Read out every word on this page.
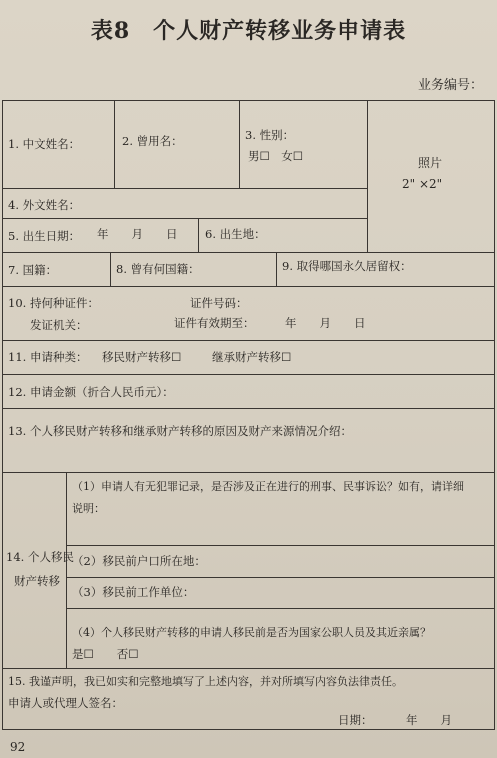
表8　个人财产转移业务申请表
业务编号：
1. 中文姓名：	2. 曾用名：	3. 性别：
男☐　女☐	照片
2" ×2"
4. 外文姓名：
5. 出生日期： 年　　月　　日 6. 出生地：
7. 国籍：	8. 曾有何国籍：	9. 取得哪国永久居留权：
10. 持何种证件：	证件号码：
发证机关：	证件有效期至：	年　　月　　日
11. 申请种类： 移民财产转移☐	继承财产转移☐
12. 申请金额（折合人民币元）：
13. 个人移民财产转移和继承财产转移的原因及财产来源情况介绍：
14. 个人移民
财产转移
（1）申请人有无犯罪记录，是否涉及正在进行的刑事、民事诉讼？如有，请详细
说明：
（2）移民前户口所在地：
（3）移民前工作单位：
（4）个人移民财产转移的申请人移民前是否为国家公职人员及其近亲属？
是☐　　否☐
15. 我谨声明，我已如实和完整地填写了上述内容，并对所填写内容负法律责任。
申请人或代理人签名：
日期：	年　　月
92
